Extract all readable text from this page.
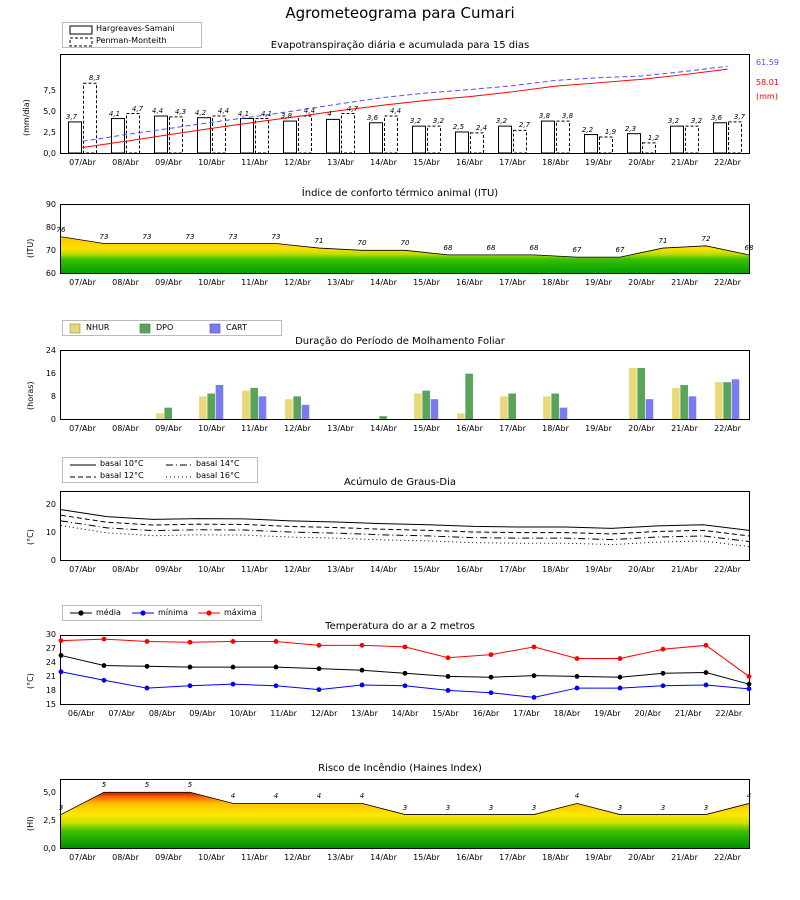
Agrometeograma para Cumari
Evapotranspiração diária e acumulada para 15 dias
(mm/dia)
0,0
2,5
5,0
7,5
07/Abr	08/Abr	09/Abr	10/Abr	11/Abr	12/Abr	13/Abr	14/Abr	15/Abr	16/Abr	17/Abr	18/Abr	19/Abr	20/Abr	21/Abr	22/Abr
3,7	4,1	4,4	4,2	4,1	3,8	4	3,6	3,2
2,5
3,2
3,8
2,2	2,3
3,2	3,6
8,3
4,7	4,3	4,4	4,1	4,4	4,7	4,4
3,2
2,4	2,7
3,8
1,9
1,2
3,2
3,7
Hargreaves-Samani
Penman-Monteith
61.59
58.01
(mm)
Índice de conforto térmico animal (ITU)
(ITU)
60
70
80
90
07/Abr	08/Abr	09/Abr	10/Abr	11/Abr	12/Abr	13/Abr	14/Abr	15/Abr	16/Abr	17/Abr	18/Abr	19/Abr	20/Abr	21/Abr	22/Abr
76
73	73	73	73	73
71	70	70
68	68	68	67	67
71	72
68
Duração do Período de Molhamento Foliar
(horas)
0
8
16
24
07/Abr	08/Abr	09/Abr	10/Abr	11/Abr	12/Abr	13/Abr	14/Abr	15/Abr	16/Abr	17/Abr	18/Abr	19/Abr	20/Abr	21/Abr	22/Abr
NHUR	DPO	CART
Acúmulo de Graus-Dia
(°C)
0
10
20
07/Abr	08/Abr	09/Abr	10/Abr	11/Abr	12/Abr	13/Abr	14/Abr	15/Abr	16/Abr	17/Abr	18/Abr	19/Abr	20/Abr	21/Abr	22/Abr
basal 10°C
basal 12°C
basal 14°C
basal 16°C
Temperatura do ar a 2 metros
(°C)
15
18
21
24
27
30
06/Abr	07/Abr	08/Abr	09/Abr	10/Abr	11/Abr	12/Abr	13/Abr	14/Abr	15/Abr	16/Abr	17/Abr	18/Abr	19/Abr	20/Abr	21/Abr	22/Abr
média	mínima	máxima
Risco de Incêndio (Haines Index)
(HI)
0,0
2,5
5,0
07/Abr	08/Abr	09/Abr	10/Abr	11/Abr	12/Abr	13/Abr	14/Abr	15/Abr	16/Abr	17/Abr	18/Abr	19/Abr	20/Abr	21/Abr	22/Abr
3
5	5	5
4	4	4	4
3	3	3	3
4
3	3	3
4
